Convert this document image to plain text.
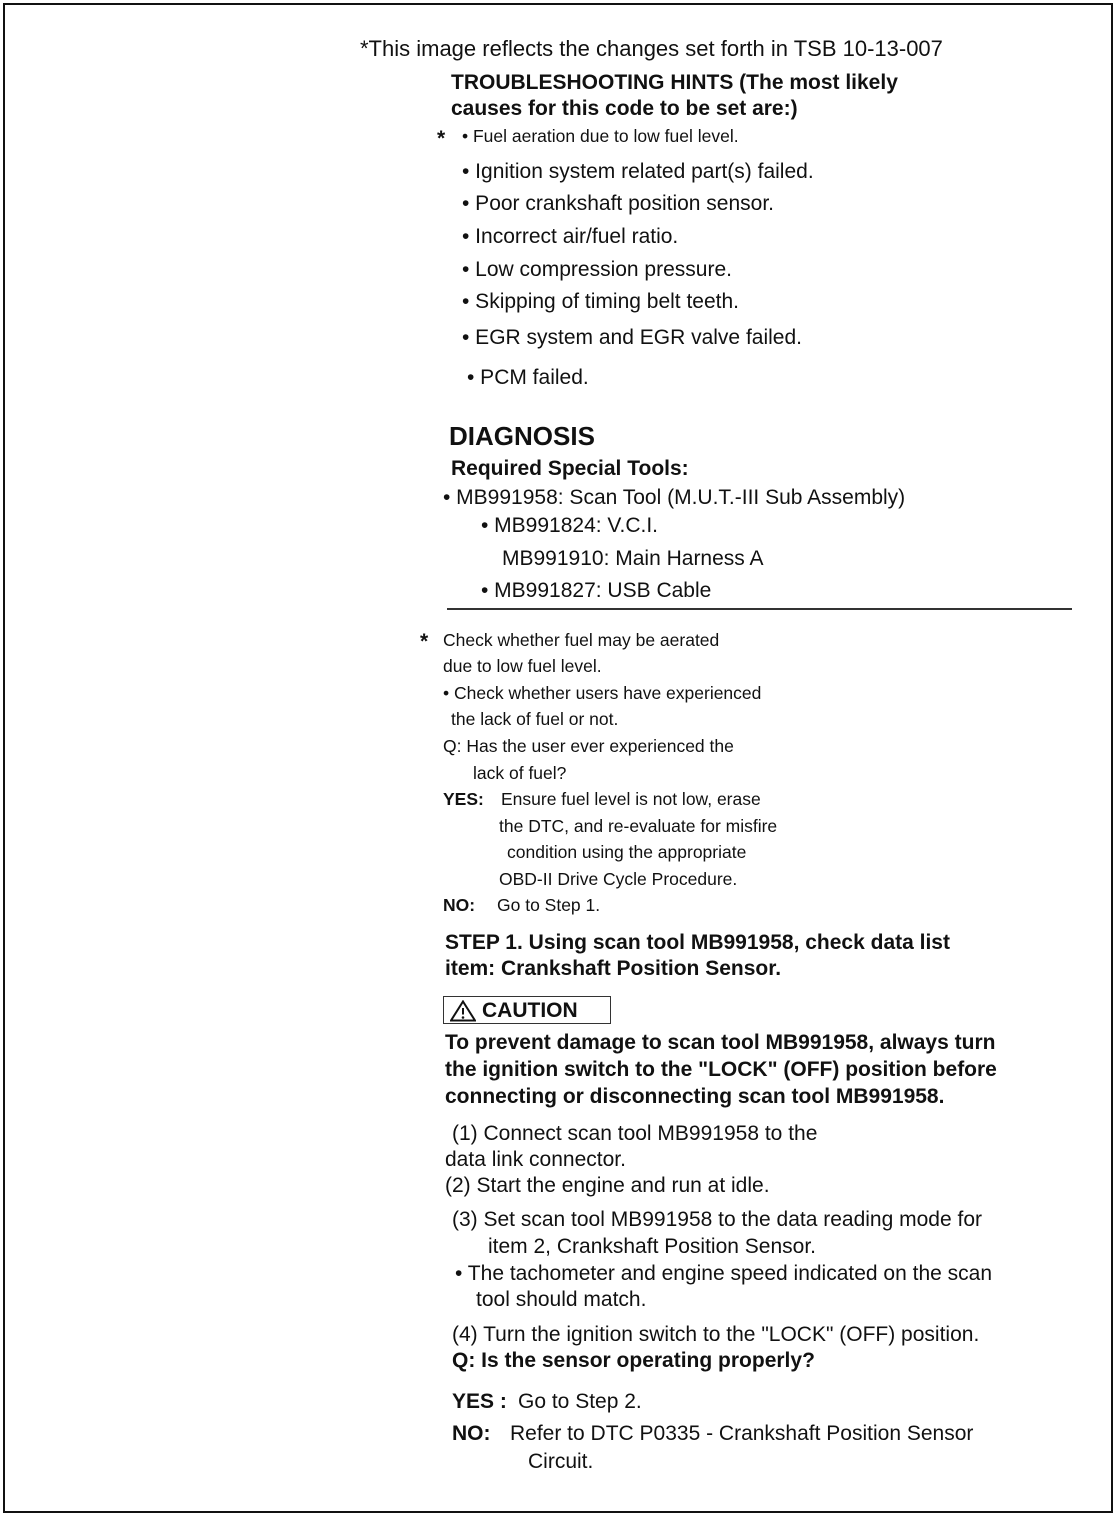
*This image reflects the changes set forth in TSB 10-13-007
TROUBLESHOOTING HINTS (The most likely
causes for this code to be set are:)
* • Fuel aeration due to low fuel level.
• Ignition system related part(s) failed.
• Poor crankshaft position sensor.
• Incorrect air/fuel ratio.
• Low compression pressure.
• Skipping of timing belt teeth.
• EGR system and EGR valve failed.
• PCM failed.
DIAGNOSIS
Required Special Tools:
• MB991958: Scan Tool (M.U.T.-III Sub Assembly)
• MB991824: V.C.I.
MB991910: Main Harness A
• MB991827: USB Cable
* Check whether fuel may be aerated
due to low fuel level.
• Check whether users have experienced
the lack of fuel or not.
Q: Has the user ever experienced the
lack of fuel?
YES: Ensure fuel level is not low, erase
the DTC, and re-evaluate for misfire
condition using the appropriate
OBD-II Drive Cycle Procedure.
NO: Go to Step 1.
STEP 1. Using scan tool MB991958, check data list
item: Crankshaft Position Sensor.
CAUTION
To prevent damage to scan tool MB991958, always turn
the ignition switch to the "LOCK" (OFF) position before
connecting or disconnecting scan tool MB991958.
(1) Connect scan tool MB991958 to the
data link connector.
(2) Start the engine and run at idle.
(3) Set scan tool MB991958 to the data reading mode for
item 2, Crankshaft Position Sensor.
• The tachometer and engine speed indicated on the scan
tool should match.
(4) Turn the ignition switch to the "LOCK" (OFF) position.
Q: Is the sensor operating properly?
YES : Go to Step 2.
NO: Refer to DTC P0335 - Crankshaft Position Sensor
Circuit.
